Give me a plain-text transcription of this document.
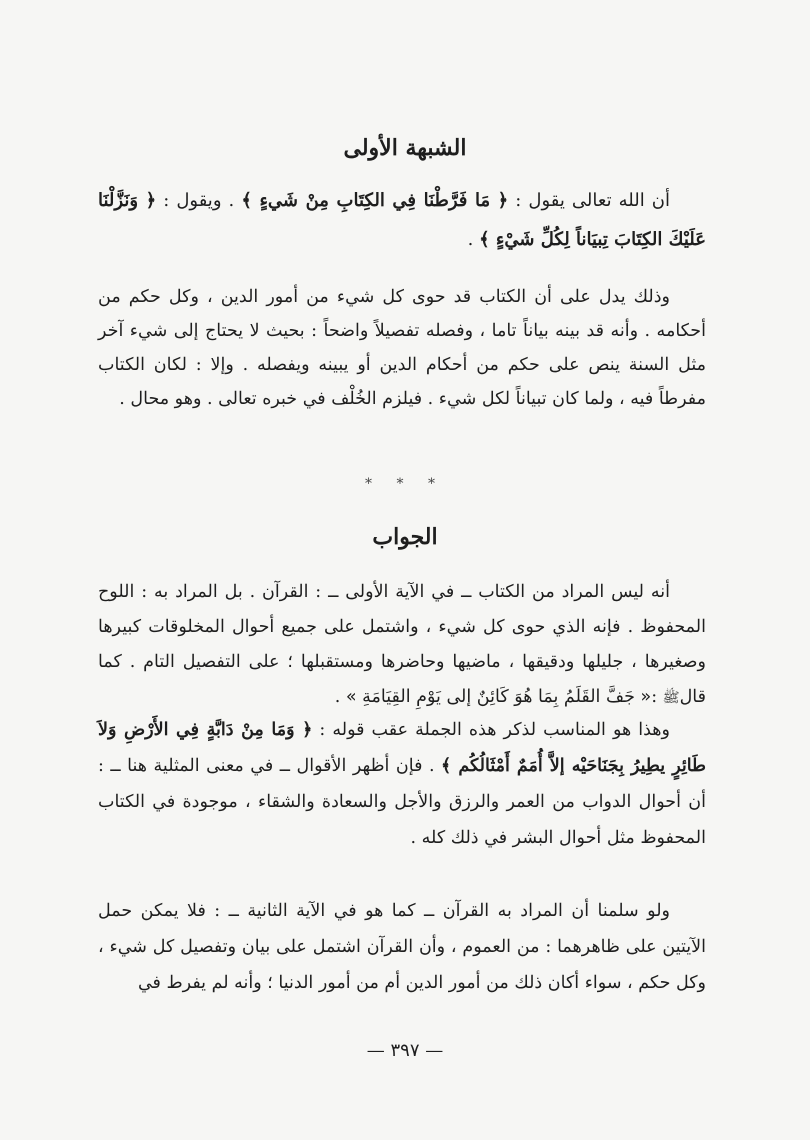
الشبهة الأولى

أن الله تعالى يقول : ﴿ مَا فَرَّطْنَا فِي الكِتَابِ مِنْ شَيءٍ ﴾ . ويقول : ﴿ وَنَزَّلْنَا عَلَيْكَ الكِتَابَ تِبيَاناً لِكُلِّ شَيْءٍ ﴾ .

وذلك يدل على أن الكتاب قد حوى كل شيء من أمور الدين ، وكل حكم من أحكامه . وأنه قد بينه بياناً تاما ، وفصله تفصيلاً واضحاً : بحيث لا يحتاج إلى شيء آخر مثل السنة ينص على حكم من أحكام الدين أو يبينه ويفصله . وإلا : لكان الكتاب مفرطاً فيه ، ولما كان تبياناً لكل شيء . فيلزم الخُلْف في خبره تعالى . وهو محال .

* * *
الجواب

أنه ليس المراد من الكتاب ــ في الآية الأولى ــ : القرآن . بل المراد به : اللوح المحفوظ . فإنه الذي حوى كل شيء ، واشتمل على جميع أحوال المخلوقات كبيرها وصغيرها ، جليلها ودقيقها ، ماضيها وحاضرها ومستقبلها ؛ على التفصيل التام . كما قالﷺ :« جَفَّ القَلَمُ بِمَا هُوَ كَائِنٌ إلى يَوْمِ القِيَامَةِ » .

وهذا هو المناسب لذكر هذه الجملة عقب قوله : ﴿ وَمَا مِنْ دَابَّةٍ فِي الأَرْضِ وَلاَ طَائِرٍ يطِيرُ بِجَنَاحَيْه إلاَّ أُمَمٌ أَمْثَالُكُم ﴾ . فإن أظهر الأقوال ــ في معنى المثلية هنا ــ : أن أحوال الدواب من العمر والرزق والأجل والسعادة والشقاء ، موجودة في الكتاب المحفوظ مثل أحوال البشر في ذلك كله .

ولو سلمنا أن المراد به القرآن ــ كما هو في الآية الثانية ــ : فلا يمكن حمل الآيتين على ظاهرهما : من العموم ، وأن القرآن اشتمل على بيان وتفصيل كل شيء ، وكل حكم ، سواء أكان ذلك من أمور الدين أم من أمور الدنيا ؛ وأنه لم يفرط في

— ٣٩٧ —
